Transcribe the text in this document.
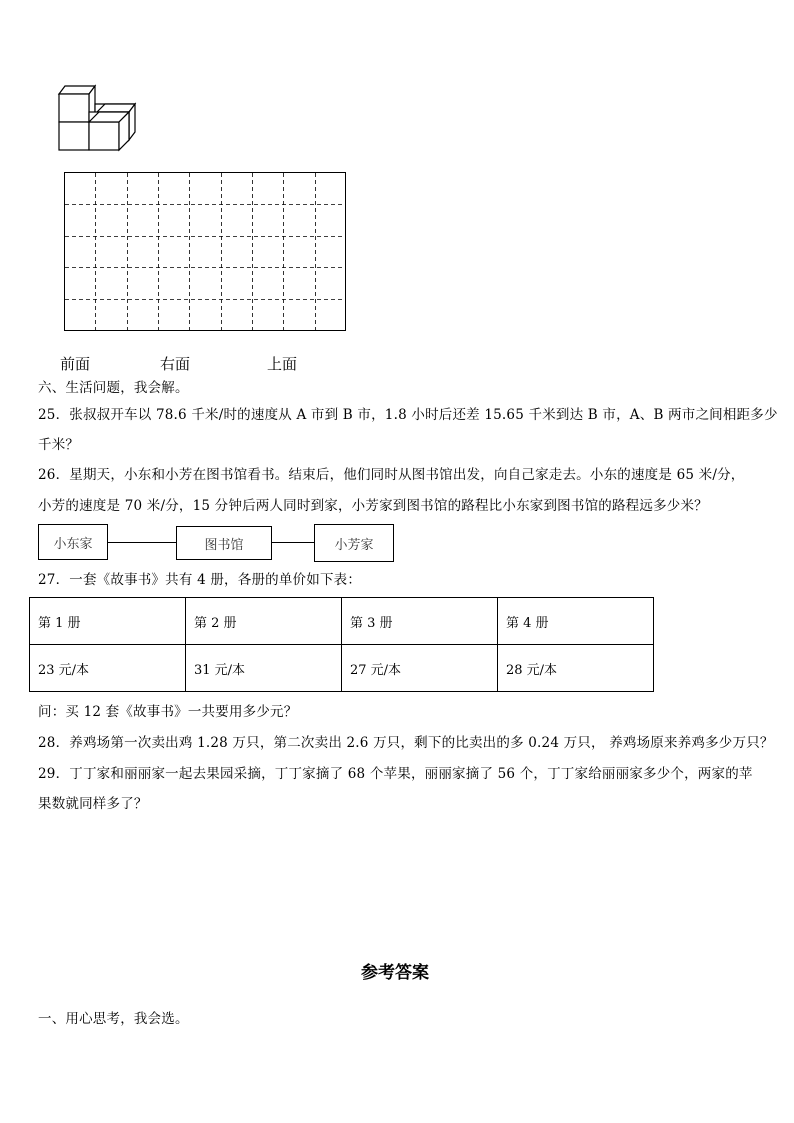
前面	右面	上面
六、生活问题，我会解。
25．张叔叔开车以 78.6 千米/时的速度从 A 市到 B 市，1.8 小时后还差 15.65 千米到达 B 市，A、B 两市之间相距多少
千米？
26．星期天，小东和小芳在图书馆看书。结束后，他们同时从图书馆出发，向自己家走去。小东的速度是 65 米/分，
小芳的速度是 70 米/分，15 分钟后两人同时到家，小芳家到图书馆的路程比小东家到图书馆的路程远多少米？
小东家	图书馆	小芳家
27．一套《故事书》共有 4 册，各册的单价如下表：
第 1 册	第 2 册	第 3 册	第 4 册
23 元/本	31 元/本	27 元/本	28 元/本
问：买 12 套《故事书》一共要用多少元？
28．养鸡场第一次卖出鸡 1.28 万只，第二次卖出 2.6 万只，剩下的比卖出的多 0.24 万只， 养鸡场原来养鸡多少万只？
29．丁丁家和丽丽家一起去果园采摘，丁丁家摘了 68 个苹果，丽丽家摘了 56 个，丁丁家给丽丽家多少个，两家的苹
果数就同样多了？
参考答案
一、用心思考，我会选。
